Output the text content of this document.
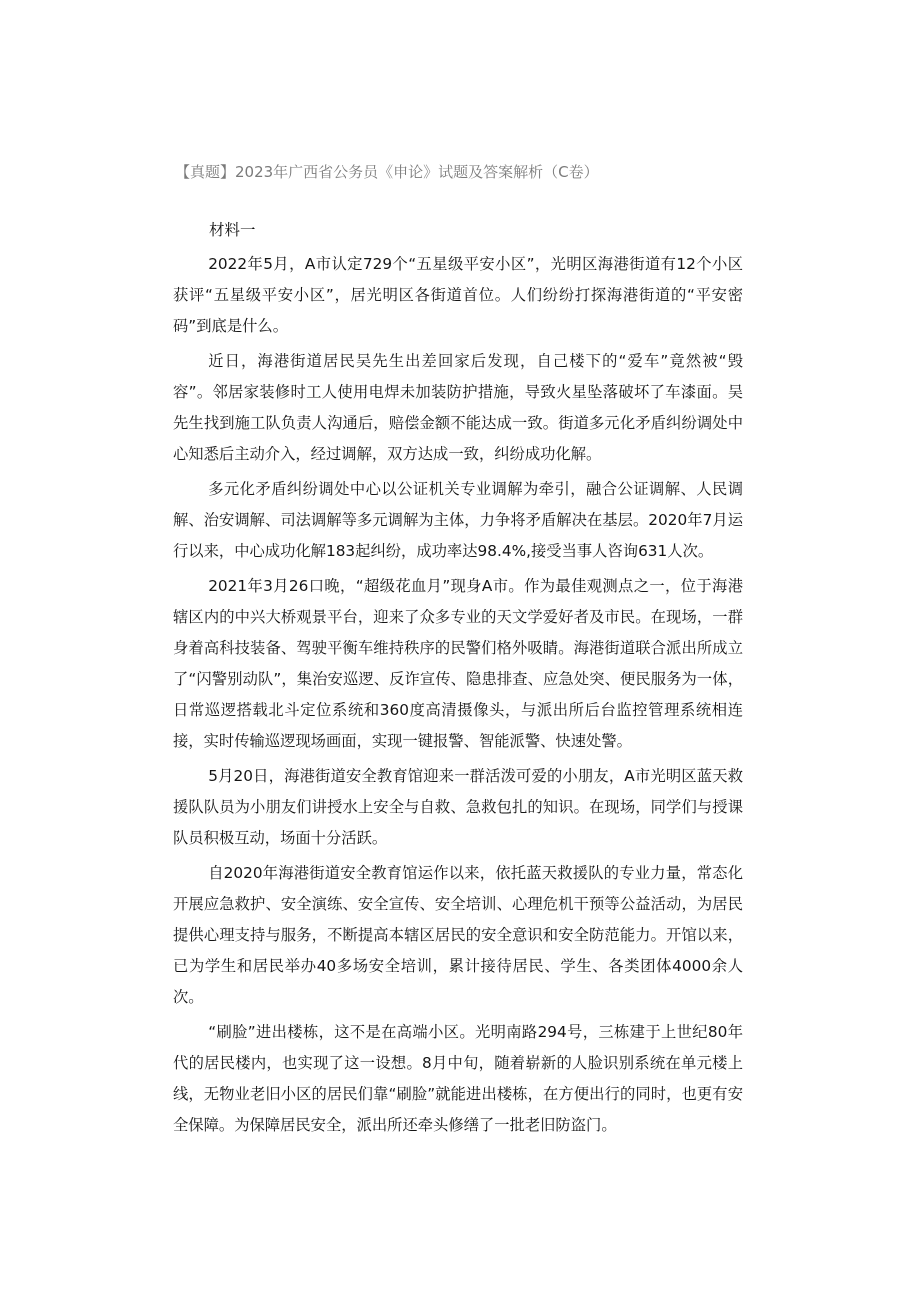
【真题】2023年广西省公务员《申论》试题及答案解析（C卷）
材料一

2022年5月，A市认定729个“五星级平安小区”，光明区海港街道有12个小区获评“五星级平安小区”，居光明区各街道首位。人们纷纷打探海港街道的“平安密码”到底是什么。

近日，海港街道居民吴先生出差回家后发现，自己楼下的“爱车”竟然被“毁容”。邻居家装修时工人使用电焊未加装防护措施，导致火星坠落破坏了车漆面。吴先生找到施工队负责人沟通后，赔偿金额不能达成一致。街道多元化矛盾纠纷调处中心知悉后主动介入，经过调解，双方达成一致，纠纷成功化解。

多元化矛盾纠纷调处中心以公证机关专业调解为牵引，融合公证调解、人民调解、治安调解、司法调解等多元调解为主体，力争将矛盾解决在基层。2020年7月运行以来，中心成功化解183起纠纷，成功率达98.4%,接受当事人咨询631人次。

2021年3月26口晚，“超级花血月”现身A市。作为最佳观测点之一，位于海港辖区内的中兴大桥观景平台，迎来了众多专业的天文学爱好者及市民。在现场，一群身着高科技装备、驾驶平衡车维持秩序的民警们格外吸睛。海港街道联合派出所成立了“闪警别动队”，集治安巡逻、反诈宣传、隐患排查、应急处突、便民服务为一体，日常巡逻搭载北斗定位系统和360度高清摄像头，与派出所后台监控管理系统相连接，实时传输巡逻现场画面，实现一键报警、智能派警、快速处警。

5月20日，海港街道安全教育馆迎来一群活泼可爱的小朋友，A市光明区蓝天救援队队员为小朋友们讲授水上安全与自救、急救包扎的知识。在现场，同学们与授课队员积极互动，场面十分活跃。

自2020年海港街道安全教育馆运作以来，依托蓝天救援队的专业力量，常态化开展应急救护、安全演练、安全宣传、安全培训、心理危机干预等公益活动，为居民提供心理支持与服务，不断提高本辖区居民的安全意识和安全防范能力。开馆以来，已为学生和居民举办40多场安全培训，累计接待居民、学生、各类团体4000余人次。

“刷脸”进出楼栋，这不是在高端小区。光明南路294号，三栋建于上世纪80年代的居民楼内，也实现了这一设想。8月中旬，随着崭新的人脸识别系统在单元楼上线，无物业老旧小区的居民们靠“刷脸”就能进出楼栋，在方便出行的同时，也更有安全保障。为保障居民安全，派出所还牵头修缮了一批老旧防盗门。
